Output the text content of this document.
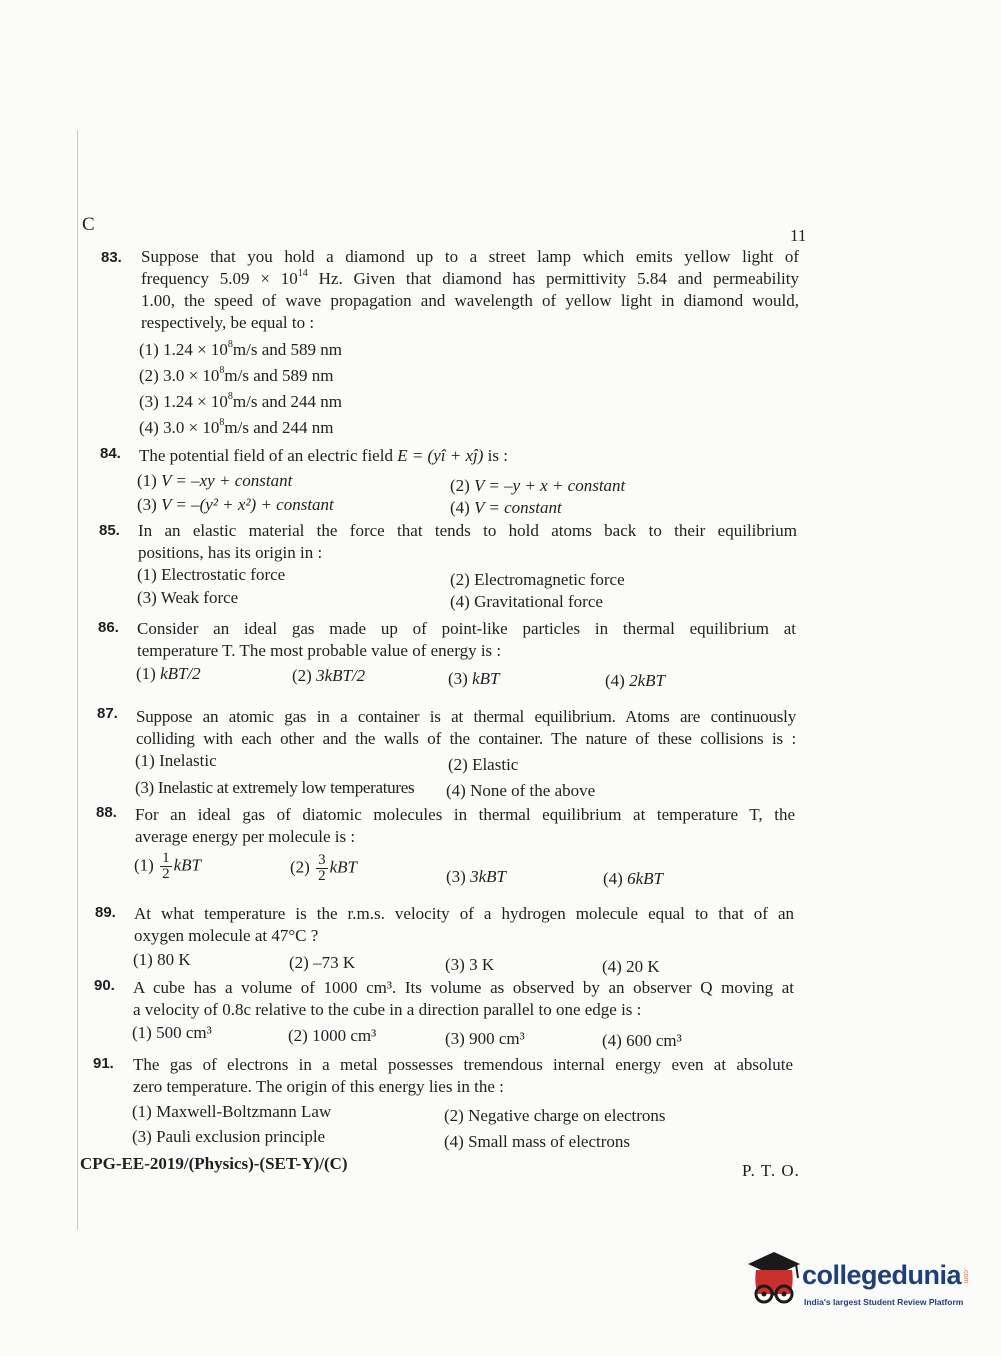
C
11
83. Suppose that you hold a diamond up to a street lamp which emits yellow light of
frequency $5.09 \times 10^{14}$ Hz. Given that diamond has permittivity 5.84 and permeability
1.00, the speed of wave propagation and wavelength of yellow light in diamond would,
respectively, be equal to :
(1) $1.24 \times 10^8m/s$ and 589 nm
(2) $3.0 \times 10^8m/s$ and 589 nm
(3) $1.24 \times 10^8m/s$ and 244 nm
(4) $3.0 \times 10^8m/s$ and 244 nm
84. The potential field of an electric field E = (yî + xĵ) is :
(1) V = –xy + constant	(2) V = –y + x + constant
(3) V = –(y² + x²) + constant	(4) V = constant
85. In an elastic material the force that tends to hold atoms back to their equilibrium
positions, has its origin in :
(1) Electrostatic force	(2) Electromagnetic force
(3) Weak force	(4) Gravitational force
86. Consider an ideal gas made up of point-like particles in thermal equilibrium at
temperature T. The most probable value of energy is :
(1) kBT/2	(2) 3kBT/2	(3) kBT	(4) 2kBT
87. Suppose an atomic gas in a container is at thermal equilibrium. Atoms are continuously
colliding with each other and the walls of the container. The nature of these collisions is :
(1) Inelastic	(2) Elastic
(3) Inelastic at extremely low temperatures (4) None of the above
88. For an ideal gas of diatomic molecules in thermal equilibrium at temperature T, the
average energy per molecule is :
$(1) \frac{1}{2}$ kBT	$(2) \frac{3}{2}$ kBT
(3) 3kBT	(4) 6kBT
89. At what temperature is the r.m.s. velocity of a hydrogen molecule equal to that of an
oxygen molecule at 47°C ?
(1) 80 K	(2) –73 K	(3) 3 K	(4) 20 K
90. A cube has a volume of 1000 cm³. Its volume as observed by an observer Q moving at
a velocity of 0.8c relative to the cube in a direction parallel to one edge is :
(1) 500 cm³	(2) 1000 cm³	(3) 900 cm³	(4) 600 cm³
91. The gas of electrons in a metal possesses tremendous internal energy even at absolute
zero temperature. The origin of this energy lies in the :
(1) Maxwell-Boltzmann Law	(2) Negative charge on electrons
(3) Pauli exclusion principle	(4) Small mass of electrons
CPG-EE-2019/(Physics)-(SET-Y)/(C)	P. T. O.
collegedunia .com
India's largest Student Review Platform
